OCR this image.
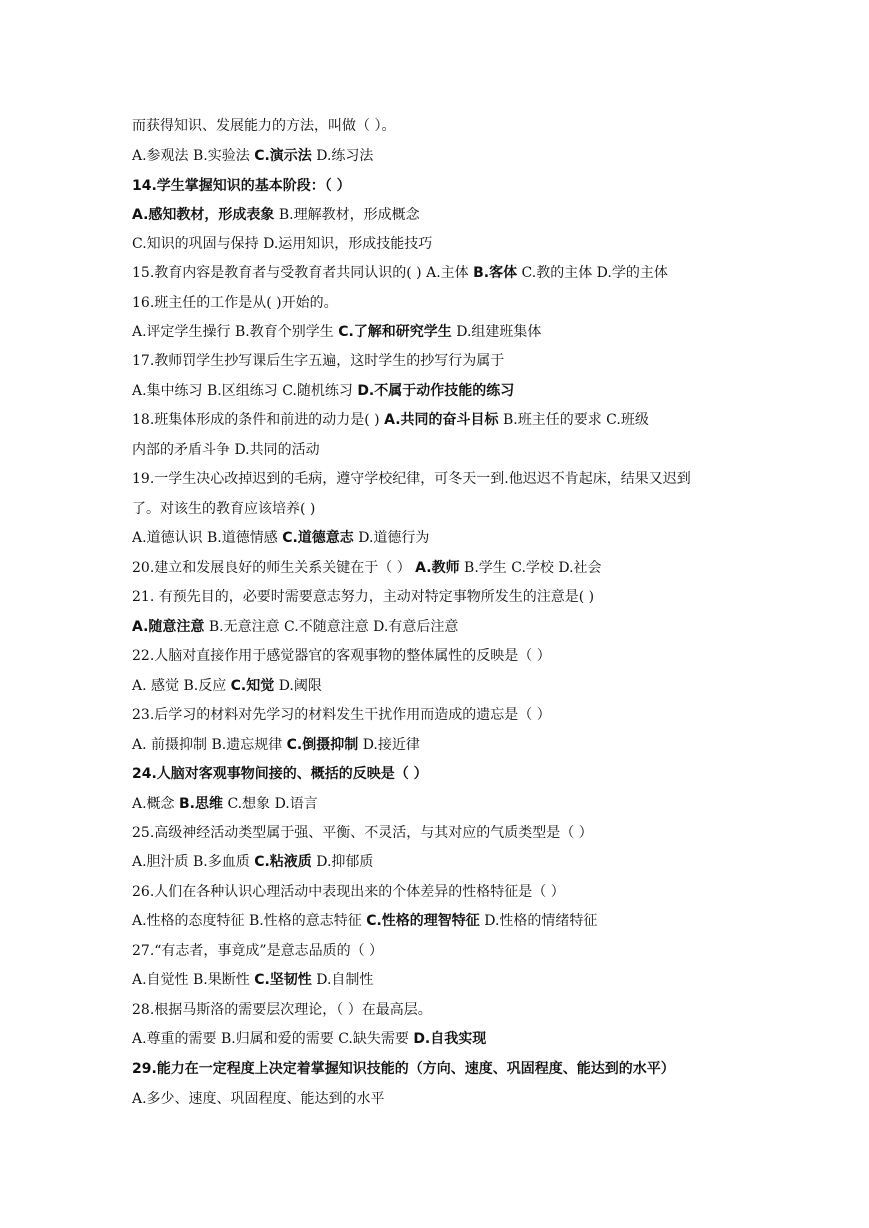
而获得知识、发展能力的方法，叫做（ ）。
A.参观法 B.实验法 C.演示法 D.练习法
14.学生掌握知识的基本阶段：（ ）
A.感知教材，形成表象 B.理解教材，形成概念
C.知识的巩固与保持 D.运用知识，形成技能技巧
15.教育内容是教育者与受教育者共同认识的( ) A.主体 B.客体 C.教的主体 D.学的主体
16.班主任的工作是从( )开始的。
A.评定学生操行 B.教育个别学生 C.了解和研究学生 D.组建班集体
17.教师罚学生抄写课后生字五遍，这时学生的抄写行为属于
A.集中练习 B.区组练习 C.随机练习 D.不属于动作技能的练习
18.班集体形成的条件和前进的动力是( ) A.共同的奋斗目标 B.班主任的要求 C.班级
内部的矛盾斗争 D.共同的活动
19.一学生决心改掉迟到的毛病，遵守学校纪律，可冬天一到.他迟迟不肯起床，结果又迟到
了。对该生的教育应该培养( )
A.道德认识 B.道德情感 C.道德意志 D.道德行为
20.建立和发展良好的师生关系关键在于（ ） A.教师 B.学生 C.学校 D.社会
21. 有预先目的，必要时需要意志努力，主动对特定事物所发生的注意是( )
A.随意注意 B.无意注意 C.不随意注意 D.有意后注意
22.人脑对直接作用于感觉器官的客观事物的整体属性的反映是（ ）
A. 感觉 B.反应 C.知觉 D.阈限
23.后学习的材料对先学习的材料发生干扰作用而造成的遗忘是（ ）
A. 前摄抑制 B.遗忘规律 C.倒摄抑制 D.接近律
24.人脑对客观事物间接的、概括的反映是（ ）
A.概念 B.思维 C.想象 D.语言
25.高级神经活动类型属于强、平衡、不灵活，与其对应的气质类型是（ ）
A.胆汁质 B.多血质 C.粘液质 D.抑郁质
26.人们在各种认识心理活动中表现出来的个体差异的性格特征是（ ）
A.性格的态度特征 B.性格的意志特征 C.性格的理智特征 D.性格的情绪特征
27.“有志者，事竟成”是意志品质的（ ）
A.自觉性 B.果断性 C.坚韧性 D.自制性
28.根据马斯洛的需要层次理论，（ ）在最高层。
A.尊重的需要 B.归属和爱的需要 C.缺失需要 D.自我实现
29.能力在一定程度上决定着掌握知识技能的（方向、速度、巩固程度、能达到的水平）
A.多少、速度、巩固程度、能达到的水平
